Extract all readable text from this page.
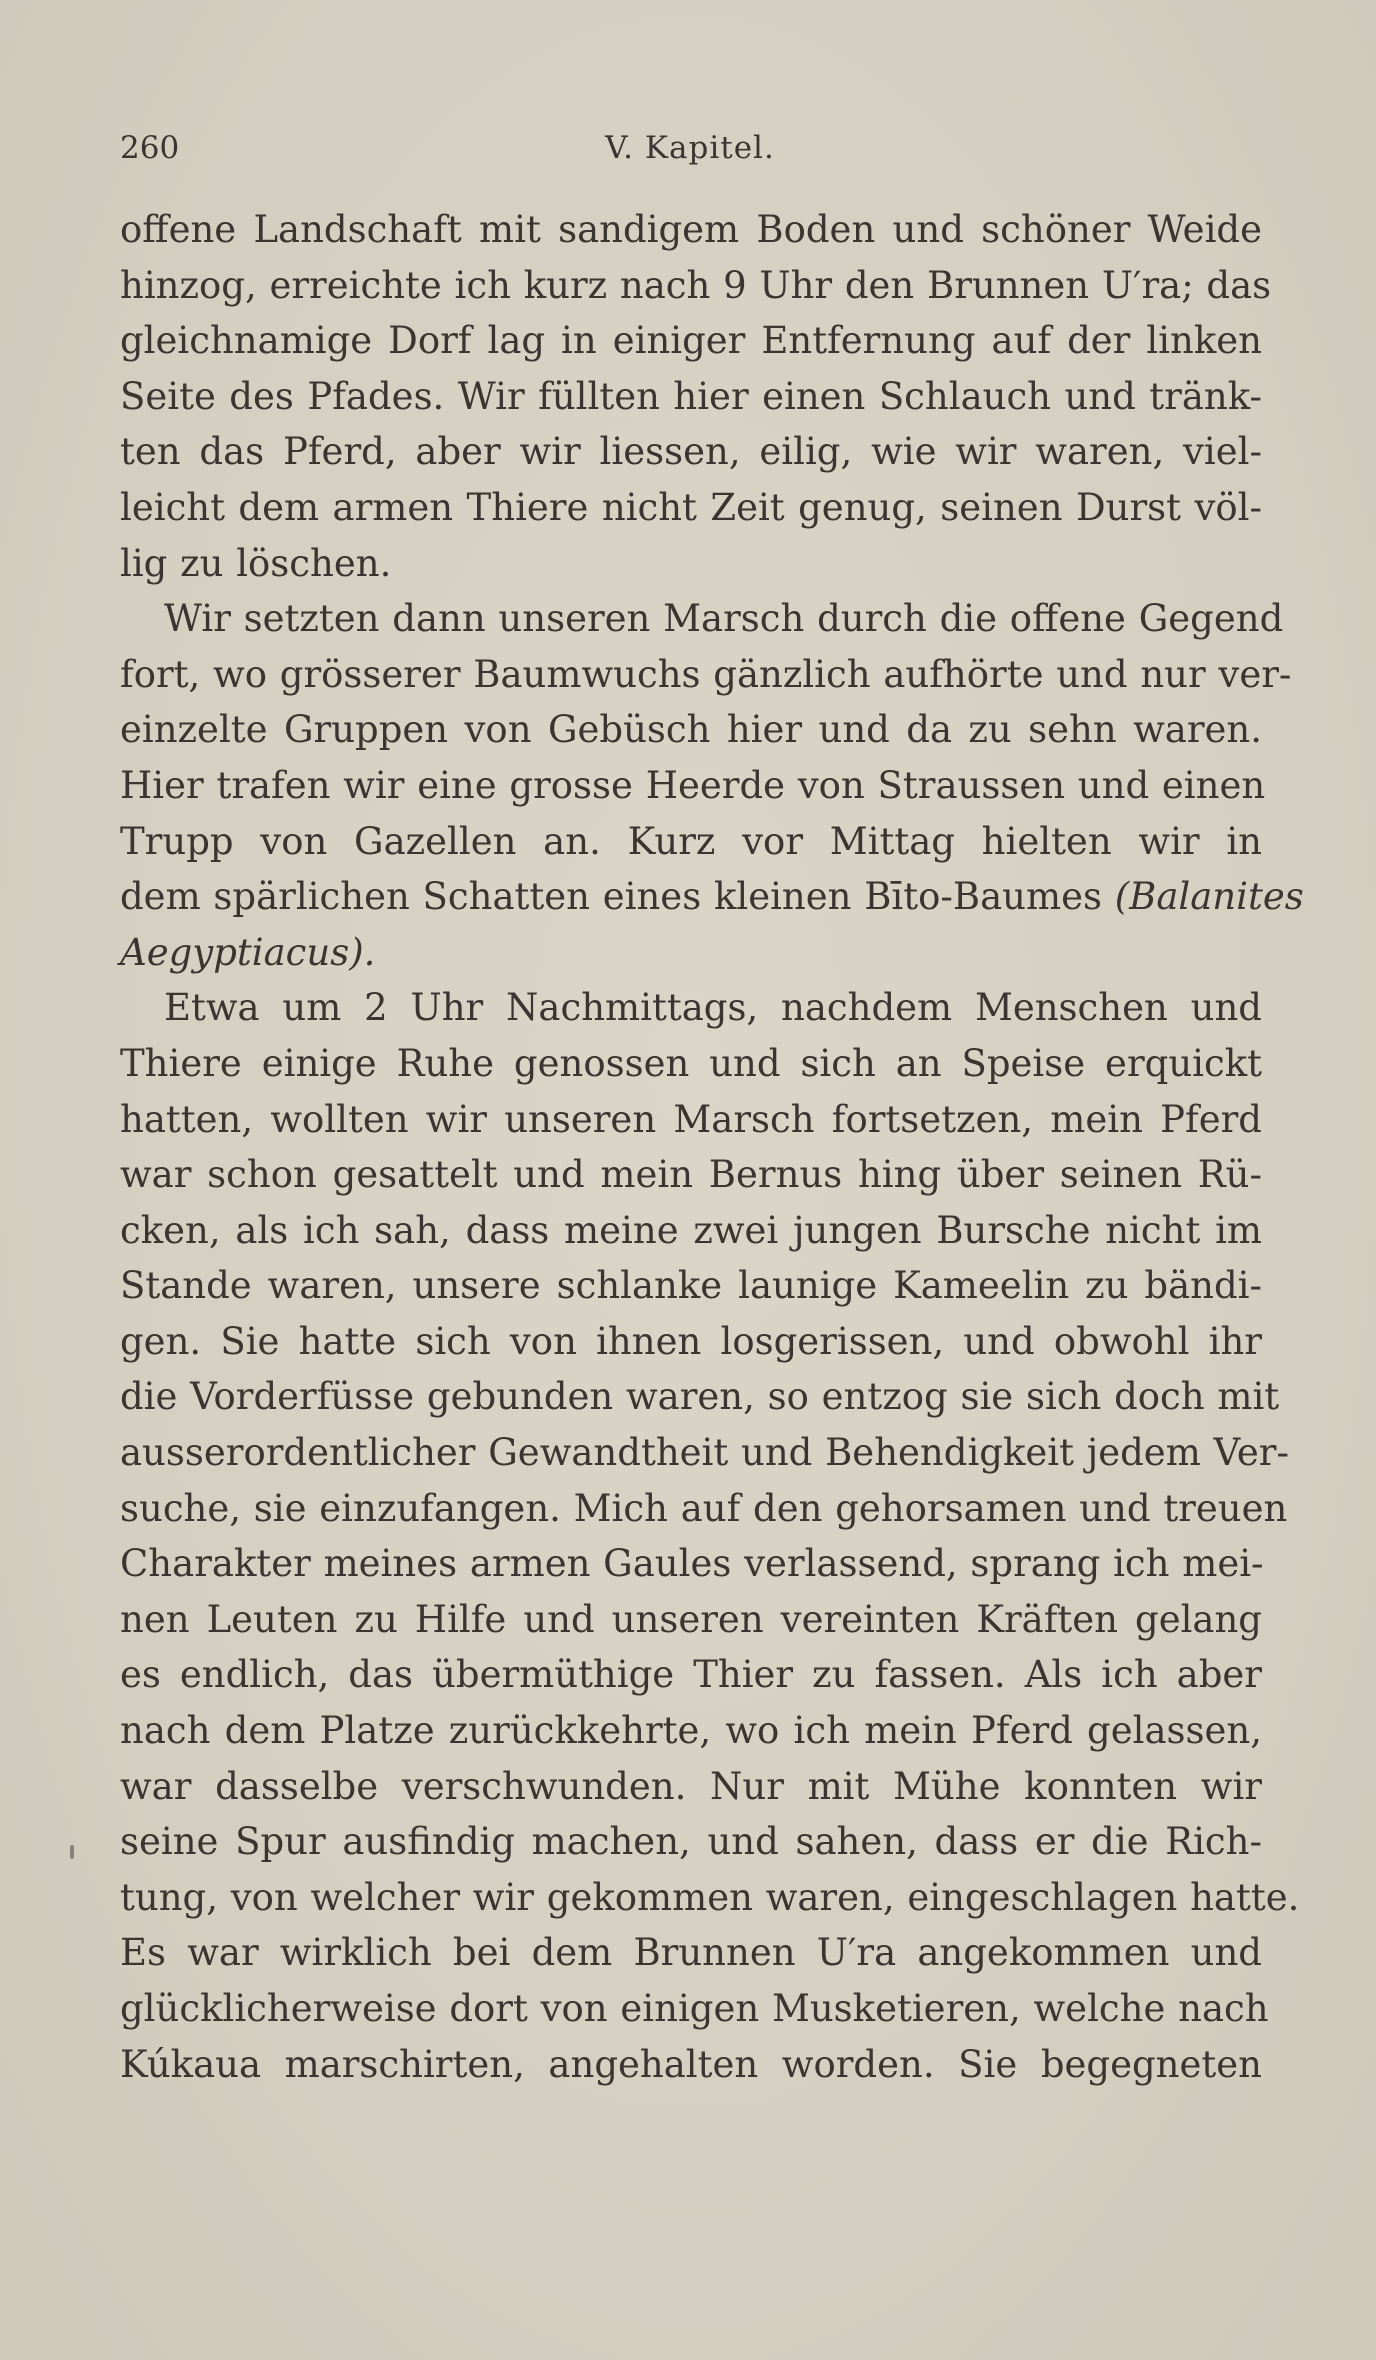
260	V. Kapitel.
offene Landschaft mit sandigem Boden und schöner Weide
hinzog, erreichte ich kurz nach 9 Uhr den Brunnen U′ra; das
gleichnamige Dorf lag in einiger Entfernung auf der linken
Seite des Pfades. Wir füllten hier einen Schlauch und tränk-
ten das Pferd, aber wir liessen, eilig, wie wir waren, viel-
leicht dem armen Thiere nicht Zeit genug, seinen Durst völ-
lig zu löschen.
Wir setzten dann unseren Marsch durch die offene Gegend
fort, wo grösserer Baumwuchs gänzlich aufhörte und nur ver-
einzelte Gruppen von Gebüsch hier und da zu sehn waren.
Hier trafen wir eine grosse Heerde von Straussen und einen
Trupp von Gazellen an. Kurz vor Mittag hielten wir in
dem spärlichen Schatten eines kleinen Bīto-Baumes (Balanites
Aegyptiacus).
Etwa um 2 Uhr Nachmittags, nachdem Menschen und
Thiere einige Ruhe genossen und sich an Speise erquickt
hatten, wollten wir unseren Marsch fortsetzen, mein Pferd
war schon gesattelt und mein Bernus hing über seinen Rü-
cken, als ich sah, dass meine zwei jungen Bursche nicht im
Stande waren, unsere schlanke launige Kameelin zu bändi-
gen. Sie hatte sich von ihnen losgerissen, und obwohl ihr
die Vorderfüsse gebunden waren, so entzog sie sich doch mit
ausserordentlicher Gewandtheit und Behendigkeit jedem Ver-
suche, sie einzufangen. Mich auf den gehorsamen und treuen
Charakter meines armen Gaules verlassend, sprang ich mei-
nen Leuten zu Hilfe und unseren vereinten Kräften gelang
es endlich, das übermüthige Thier zu fassen. Als ich aber
nach dem Platze zurückkehrte, wo ich mein Pferd gelassen,
war dasselbe verschwunden. Nur mit Mühe konnten wir
seine Spur ausfindig machen, und sahen, dass er die Rich-
tung, von welcher wir gekommen waren, eingeschlagen hatte.
Es war wirklich bei dem Brunnen U′ra angekommen und
glücklicherweise dort von einigen Musketieren, welche nach
Kúkaua marschirten, angehalten worden. Sie begegneten
